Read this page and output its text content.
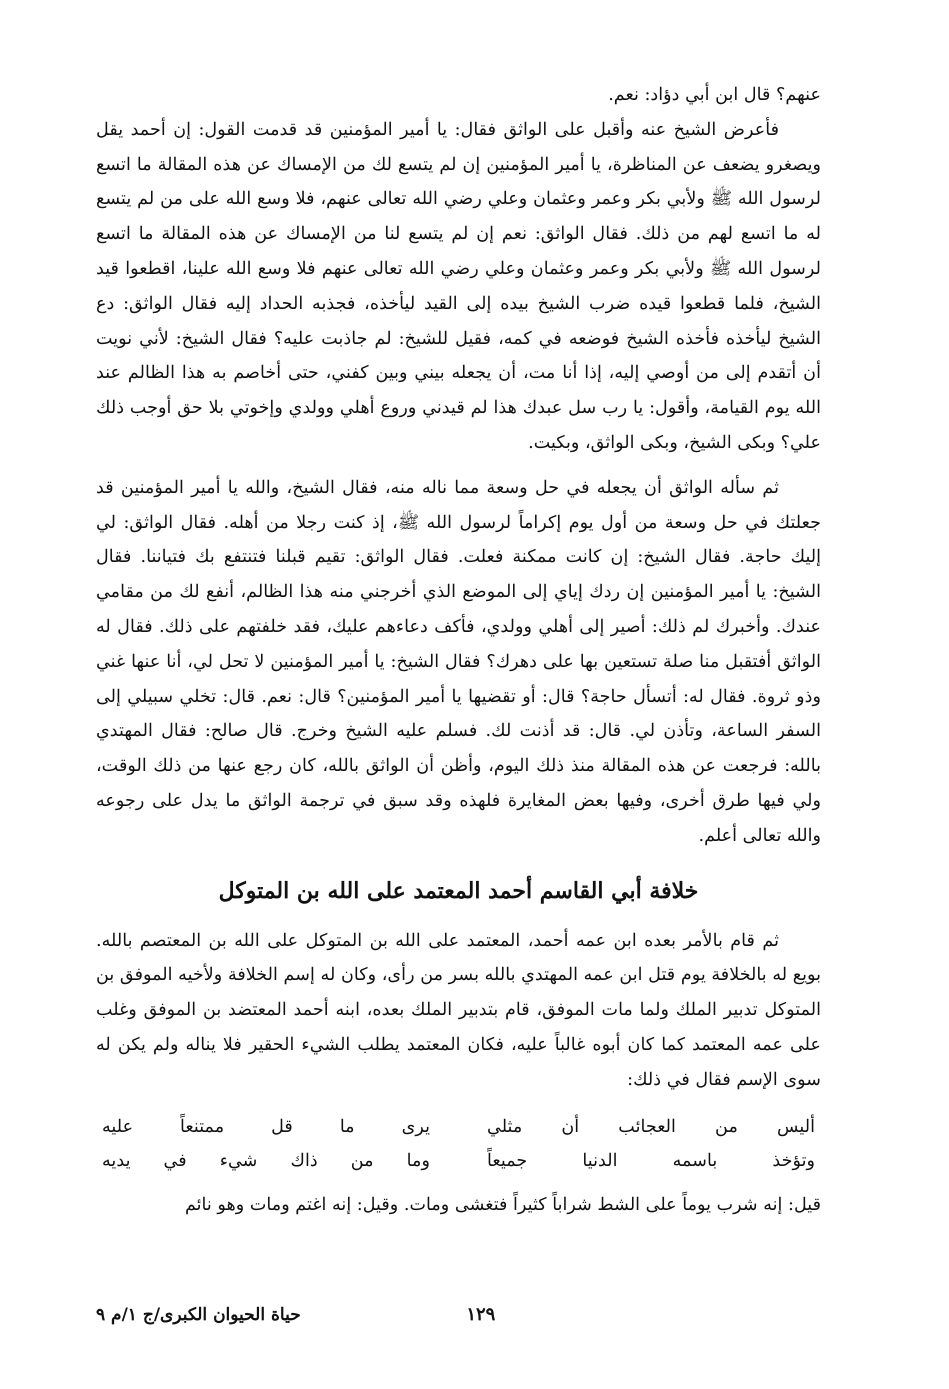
عنهم؟ قال ابن أبي دؤاد: نعم.

فأعرض الشيخ عنه وأقبل على الواثق فقال: يا أمير المؤمنين قد قدمت القول: إن أحمد يقل ويصغرو يضعف عن المناظرة، يا أمير المؤمنين إن لم يتسع لك من الإمساك عن هذه المقالة ما اتسع لرسول الله ﷺ ولأبي بكر وعمر وعثمان وعلي رضي الله تعالى عنهم، فلا وسع الله على من لم يتسع له ما اتسع لهم من ذلك. فقال الواثق: نعم إن لم يتسع لنا من الإمساك عن هذه المقالة ما اتسع لرسول الله ﷺ ولأبي بكر وعمر وعثمان وعلي رضي الله تعالى عنهم فلا وسع الله علينا، اقطعوا قيد الشيخ، فلما قطعوا قيده ضرب الشيخ بيده إلى القيد ليأخذه، فجذبه الحداد إليه فقال الواثق: دع الشيخ ليأخذه فأخذه الشيخ فوضعه في كمه، فقيل للشيخ: لم جاذبت عليه؟ فقال الشيخ: لأني نويت أن أتقدم إلى من أوصي إليه، إذا أنا مت، أن يجعله بيني وبين كفني، حتى أخاصم به هذا الظالم عند الله يوم القيامة، وأقول: يا رب سل عبدك هذا لم قيدني وروع أهلي وولدي وإخوتي بلا حق أوجب ذلك علي؟ وبكى الشيخ، وبكى الواثق، وبكيت.

ثم سأله الواثق أن يجعله في حل وسعة مما ناله منه، فقال الشيخ، والله يا أمير المؤمنين قد جعلتك في حل وسعة من أول يوم إكراماً لرسول الله ﷺ، إذ كنت رجلا من أهله. فقال الواثق: لي إليك حاجة. فقال الشيخ: إن كانت ممكنة فعلت. فقال الواثق: تقيم قبلنا فتنتفع بك فتياننا. فقال الشيخ: يا أمير المؤمنين إن ردك إياي إلى الموضع الذي أخرجني منه هذا الظالم، أنفع لك من مقامي عندك. وأخبرك لم ذلك: أصير إلى أهلي وولدي، فأكف دعاءهم عليك، فقد خلفتهم على ذلك. فقال له الواثق أفتقبل منا صلة تستعين بها على دهرك؟ فقال الشيخ: يا أمير المؤمنين لا تحل لي، أنا عنها غني وذو ثروة. فقال له: أتسأل حاجة؟ قال: أو تقضيها يا أمير المؤمنين؟ قال: نعم. قال: تخلي سبيلي إلى السفر الساعة، وتأذن لي. قال: قد أذنت لك. فسلم عليه الشيخ وخرج. قال صالح: فقال المهتدي بالله: فرجعت عن هذه المقالة منذ ذلك اليوم، وأظن أن الواثق بالله، كان رجع عنها من ذلك الوقت، ولي فيها طرق أخرى، وفيها بعض المغايرة فلهذه وقد سبق في ترجمة الواثق ما يدل على رجوعه والله تعالى أعلم.

خلافة أبي القاسم أحمد المعتمد على الله بن المتوكل

ثم قام بالأمر بعده ابن عمه أحمد، المعتمد على الله بن المتوكل على الله بن المعتصم بالله. بويع له بالخلافة يوم قتل ابن عمه المهتدي بالله بسر من رأى، وكان له إسم الخلافة ولأخيه الموفق بن المتوكل تدبير الملك ولما مات الموفق، قام بتدبير الملك بعده، ابنه أحمد المعتضد بن الموفق وغلب على عمه المعتمد كما كان أبوه غالباً عليه، فكان المعتمد يطلب الشيء الحقير فلا يناله ولم يكن له سوى الإسم فقال في ذلك:

أليس من العجائب أن مثلي
يرى ما قل ممتنعاً عليه
وتؤخذ باسمه الدنيا جميعاً
وما من ذاك شيء في يديه

قيل: إنه شرب يوماً على الشط شراباً كثيراً فتغشى ومات. وقيل: إنه اغتم ومات وهو نائم

١٢٩
حياة الحيوان الكبرى/ج ١/م ٩
